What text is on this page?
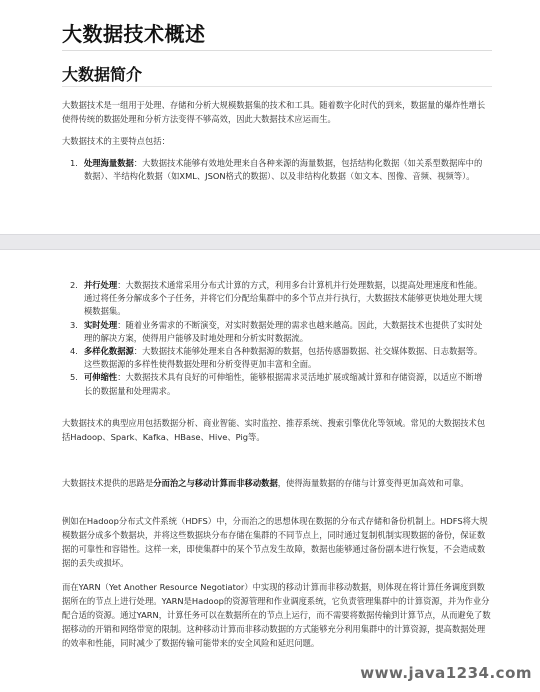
大数据技术概述
大数据简介

大数据技术是一组用于处理、存储和分析大规模数据集的技术和工具。随着数字化时代的到来，数据量的爆炸性增长使得传统的数据处理和分析方法变得不够高效，因此大数据技术应运而生。

大数据技术的主要特点包括：

1. 处理海量数据：大数据技术能够有效地处理来自各种来源的海量数据，包括结构化数据（如关系型数据库中的数据）、半结构化数据（如XML、JSON格式的数据）、以及非结构化数据（如文本、图像、音频、视频等）。
2. 并行处理：大数据技术通常采用分布式计算的方式，利用多台计算机并行处理数据，以提高处理速度和性能。通过将任务分解成多个子任务，并将它们分配给集群中的多个节点并行执行，大数据技术能够更快地处理大规模数据集。
3. 实时处理：随着业务需求的不断演变，对实时数据处理的需求也越来越高。因此，大数据技术也提供了实时处理的解决方案，使得用户能够及时地处理和分析实时数据流。
4. 多样化数据源：大数据技术能够处理来自各种数据源的数据，包括传感器数据、社交媒体数据、日志数据等。这些数据源的多样性使得数据处理和分析变得更加丰富和全面。
5. 可伸缩性：大数据技术具有良好的可伸缩性，能够根据需求灵活地扩展或缩减计算和存储资源，以适应不断增长的数据量和处理需求。

大数据技术的典型应用包括数据分析、商业智能、实时监控、推荐系统、搜索引擎优化等领域。常见的大数据技术包括Hadoop、Spark、Kafka、HBase、Hive、Pig等。

大数据技术提供的思路是分而治之与移动计算而非移动数据，使得海量数据的存储与计算变得更加高效和可靠。

例如在Hadoop分布式文件系统（HDFS）中，分而治之的思想体现在数据的分布式存储和备份机制上。HDFS将大规模数据分成多个数据块，并将这些数据块分布存储在集群的不同节点上，同时通过复制机制实现数据的备份，保证数据的可靠性和容错性。这样一来，即使集群中的某个节点发生故障，数据也能够通过备份副本进行恢复，不会造成数据的丢失或损坏。

而在YARN（Yet Another Resource Negotiator）中实现的移动计算而非移动数据，则体现在将计算任务调度到数据所在的节点上进行处理。YARN是Hadoop的资源管理和作业调度系统，它负责管理集群中的计算资源，并为作业分配合适的资源。通过YARN，计算任务可以在数据所在的节点上运行，而不需要将数据传输到计算节点，从而避免了数据移动的开销和网络带宽的限制。这种移动计算而非移动数据的方式能够充分利用集群中的计算资源，提高数据处理的效率和性能，同时减少了数据传输可能带来的安全风险和延迟问题。

www.java1234.com
